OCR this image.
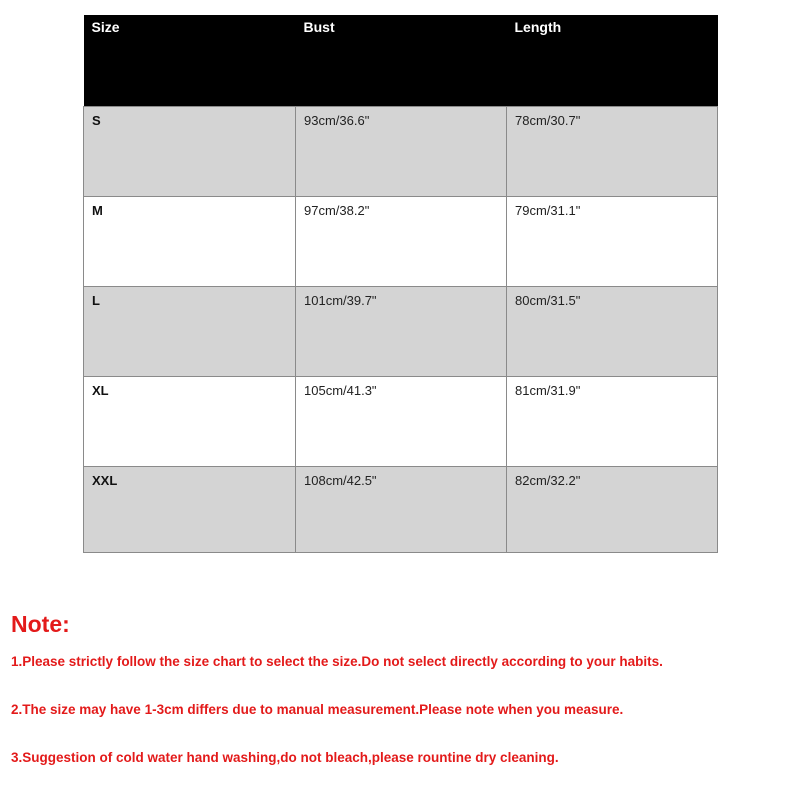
Size	Bust	Length
S	93cm/36.6"	78cm/30.7"
M	97cm/38.2"	79cm/31.1"
L	101cm/39.7"	80cm/31.5"
XL	105cm/41.3"	81cm/31.9"
XXL	108cm/42.5"	82cm/32.2"
Note:
1.Please strictly follow the size chart to select the size.Do not select directly according to your habits.
2.The size may have 1-3cm differs due to manual measurement.Please note when you measure.
3.Suggestion of cold water hand washing,do not bleach,please rountine dry cleaning.
